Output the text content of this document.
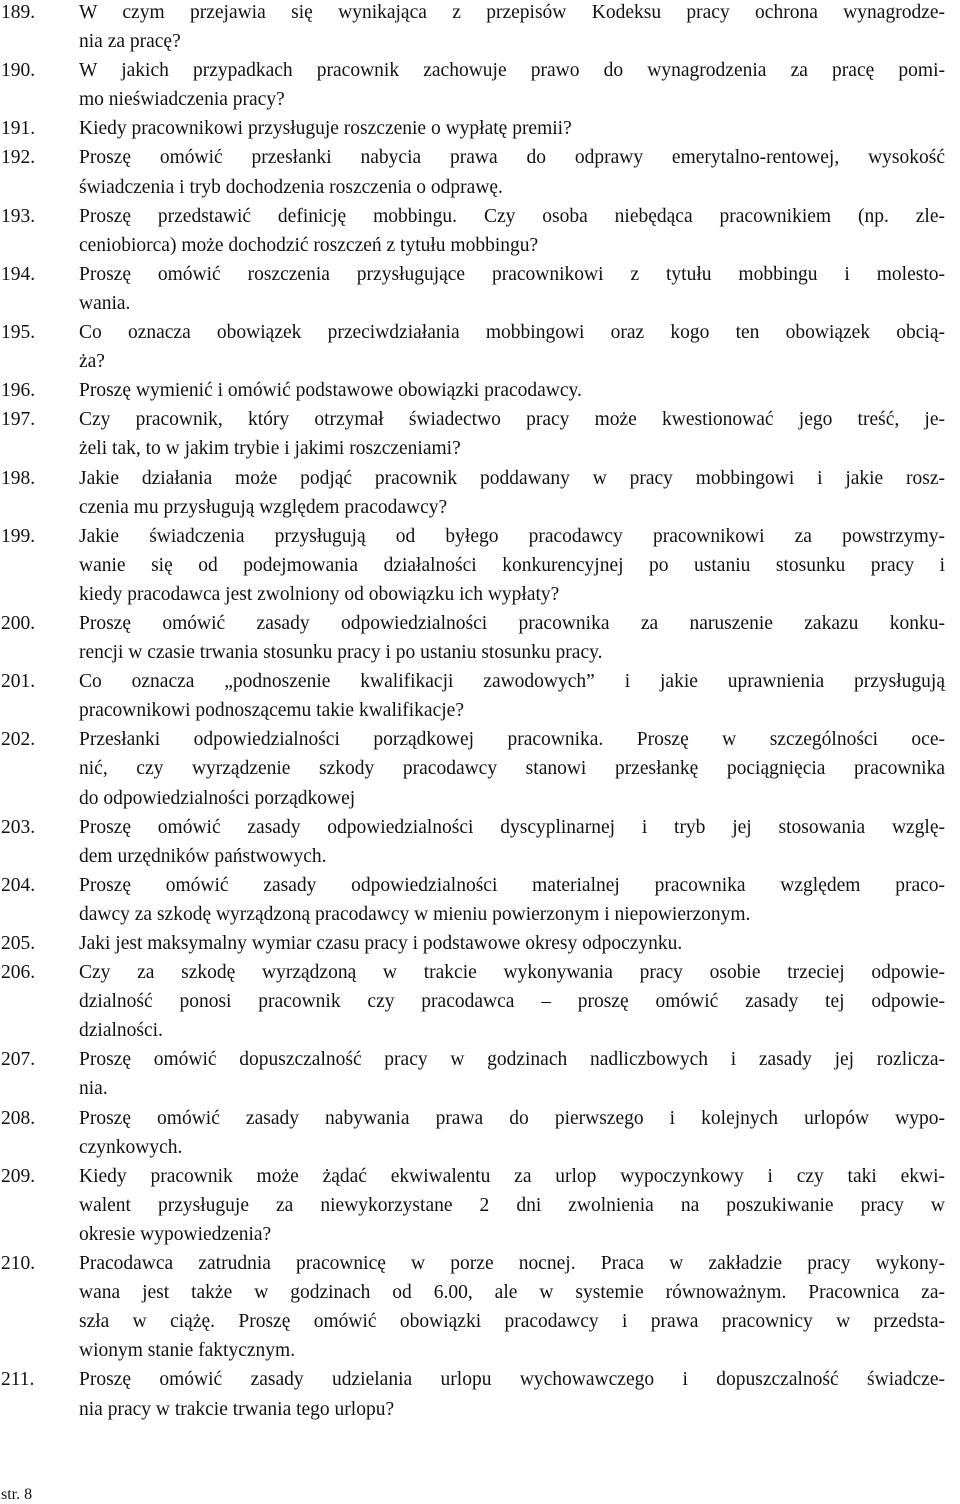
189.	W czym przejawia się wynikająca z przepisów Kodeksu pracy ochrona wynagrodze-
nia za pracę?
190.	W jakich przypadkach pracownik zachowuje prawo do wynagrodzenia za pracę pomi-
mo nieświadczenia pracy?
191.	Kiedy pracownikowi przysługuje roszczenie o wypłatę premii?
192.	Proszę omówić przesłanki nabycia prawa do odprawy emerytalno-rentowej, wysokość
świadczenia i tryb dochodzenia roszczenia o odprawę.
193.	Proszę przedstawić definicję mobbingu. Czy osoba niebędąca pracownikiem (np. zle-
ceniobiorca) może dochodzić roszczeń z tytułu mobbingu?
194.	Proszę omówić roszczenia przysługujące pracownikowi z tytułu mobbingu i molesto-
wania.
195.	Co oznacza obowiązek przeciwdziałania mobbingowi oraz kogo ten obowiązek obcią-
ża?
196.	Proszę wymienić i omówić podstawowe obowiązki pracodawcy.
197.	Czy pracownik, który otrzymał świadectwo pracy może kwestionować jego treść, je-
żeli tak, to w jakim trybie i jakimi roszczeniami?
198.	Jakie działania może podjąć pracownik poddawany w pracy mobbingowi i jakie rosz-
czenia mu przysługują względem pracodawcy?
199.	Jakie świadczenia przysługują od byłego pracodawcy pracownikowi za powstrzymy-
wanie się od podejmowania działalności konkurencyjnej po ustaniu stosunku pracy i
kiedy pracodawca jest zwolniony od obowiązku ich wypłaty?
200.	Proszę omówić zasady odpowiedzialności pracownika za naruszenie zakazu konku-
rencji w czasie trwania stosunku pracy i po ustaniu stosunku pracy.
201.	Co oznacza „podnoszenie kwalifikacji zawodowych” i jakie uprawnienia przysługują
pracownikowi podnoszącemu takie kwalifikacje?
202.	Przesłanki odpowiedzialności porządkowej pracownika. Proszę w szczególności oce-
nić, czy wyrządzenie szkody pracodawcy stanowi przesłankę pociągnięcia pracownika
do odpowiedzialności porządkowej
203.	Proszę omówić zasady odpowiedzialności dyscyplinarnej i tryb jej stosowania wzglę-
dem urzędników państwowych.
204.	Proszę omówić zasady odpowiedzialności materialnej pracownika względem praco-
dawcy za szkodę wyrządzoną pracodawcy w mieniu powierzonym i niepowierzonym.
205.	Jaki jest maksymalny wymiar czasu pracy i podstawowe okresy odpoczynku.
206.	Czy za szkodę wyrządzoną w trakcie wykonywania pracy osobie trzeciej odpowie-
dzialność ponosi pracownik czy pracodawca – proszę omówić zasady tej odpowie-
dzialności.
207.	Proszę omówić dopuszczalność pracy w godzinach nadliczbowych i zasady jej rozlicza-
nia.
208.	Proszę omówić zasady nabywania prawa do pierwszego i kolejnych urlopów wypo-
czynkowych.
209.	Kiedy pracownik może żądać ekwiwalentu za urlop wypoczynkowy i czy taki ekwi-
walent przysługuje za niewykorzystane 2 dni zwolnienia na poszukiwanie pracy w
okresie wypowiedzenia?
210.	Pracodawca zatrudnia pracownicę w porze nocnej. Praca w zakładzie pracy wykony-
wana jest także w godzinach od 6.00, ale w systemie równoważnym. Pracownica za-
szła w ciążę. Proszę omówić obowiązki pracodawcy i prawa pracownicy w przedsta-
wionym stanie faktycznym.
211.	Proszę omówić zasady udzielania urlopu wychowawczego i dopuszczalność świadcze-
nia pracy w trakcie trwania tego urlopu?
str. 8
